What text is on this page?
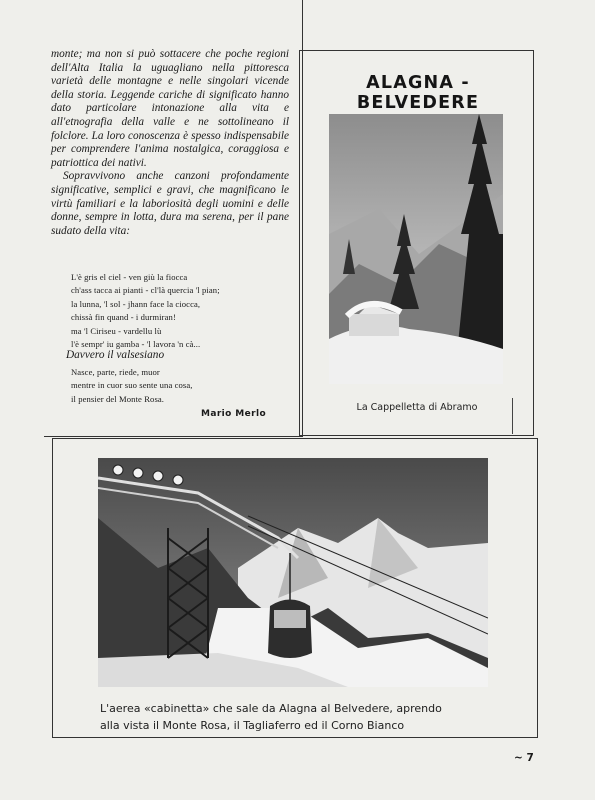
monte; ma non si può sottacere che poche regioni dell'Alta Italia la uguagliano nella pittoresca varietà delle montagne e nelle singolari vicende della storia. Leggende cariche di significato hanno dato particolare intonazione alla vita e all'etnografia della valle e ne sottolineano il folclore. La loro conoscenza è spesso indispensabile per comprendere l'anima nostalgica, coraggiosa e patriottica dei nativi.

Sopravvivono anche canzoni profondamente significative, semplici e gravi, che magnificano le virtù familiari e la laboriosità degli uomini e delle donne, sempre in lotta, dura ma serena, per il pane sudato della vita:

L'è gris el ciel - ven giù la fiocca
ch'ass tacca ai pianti - cl'là quercia 'l pian;
la lunna, 'l sol - jhann face la ciocca,
chissà fin quand - i durmiran!
ma 'l Ciriseu - vardellu lù
l'è sempr' iu gamba - 'l lavora 'n cà...
Davvero il valsesiano
Nasce, parte, riede, muor
mentre in cuor suo sente una cosa,
il pensier del Monte Rosa.
Mario Merlo
ALAGNA - BELVEDERE
La Cappelletta di Abramo
L'aerea «cabinetta» che sale da Alagna al Belvedere, aprendo
alla vista il Monte Rosa, il Tagliaferro ed il Corno Bianco
~ 7
